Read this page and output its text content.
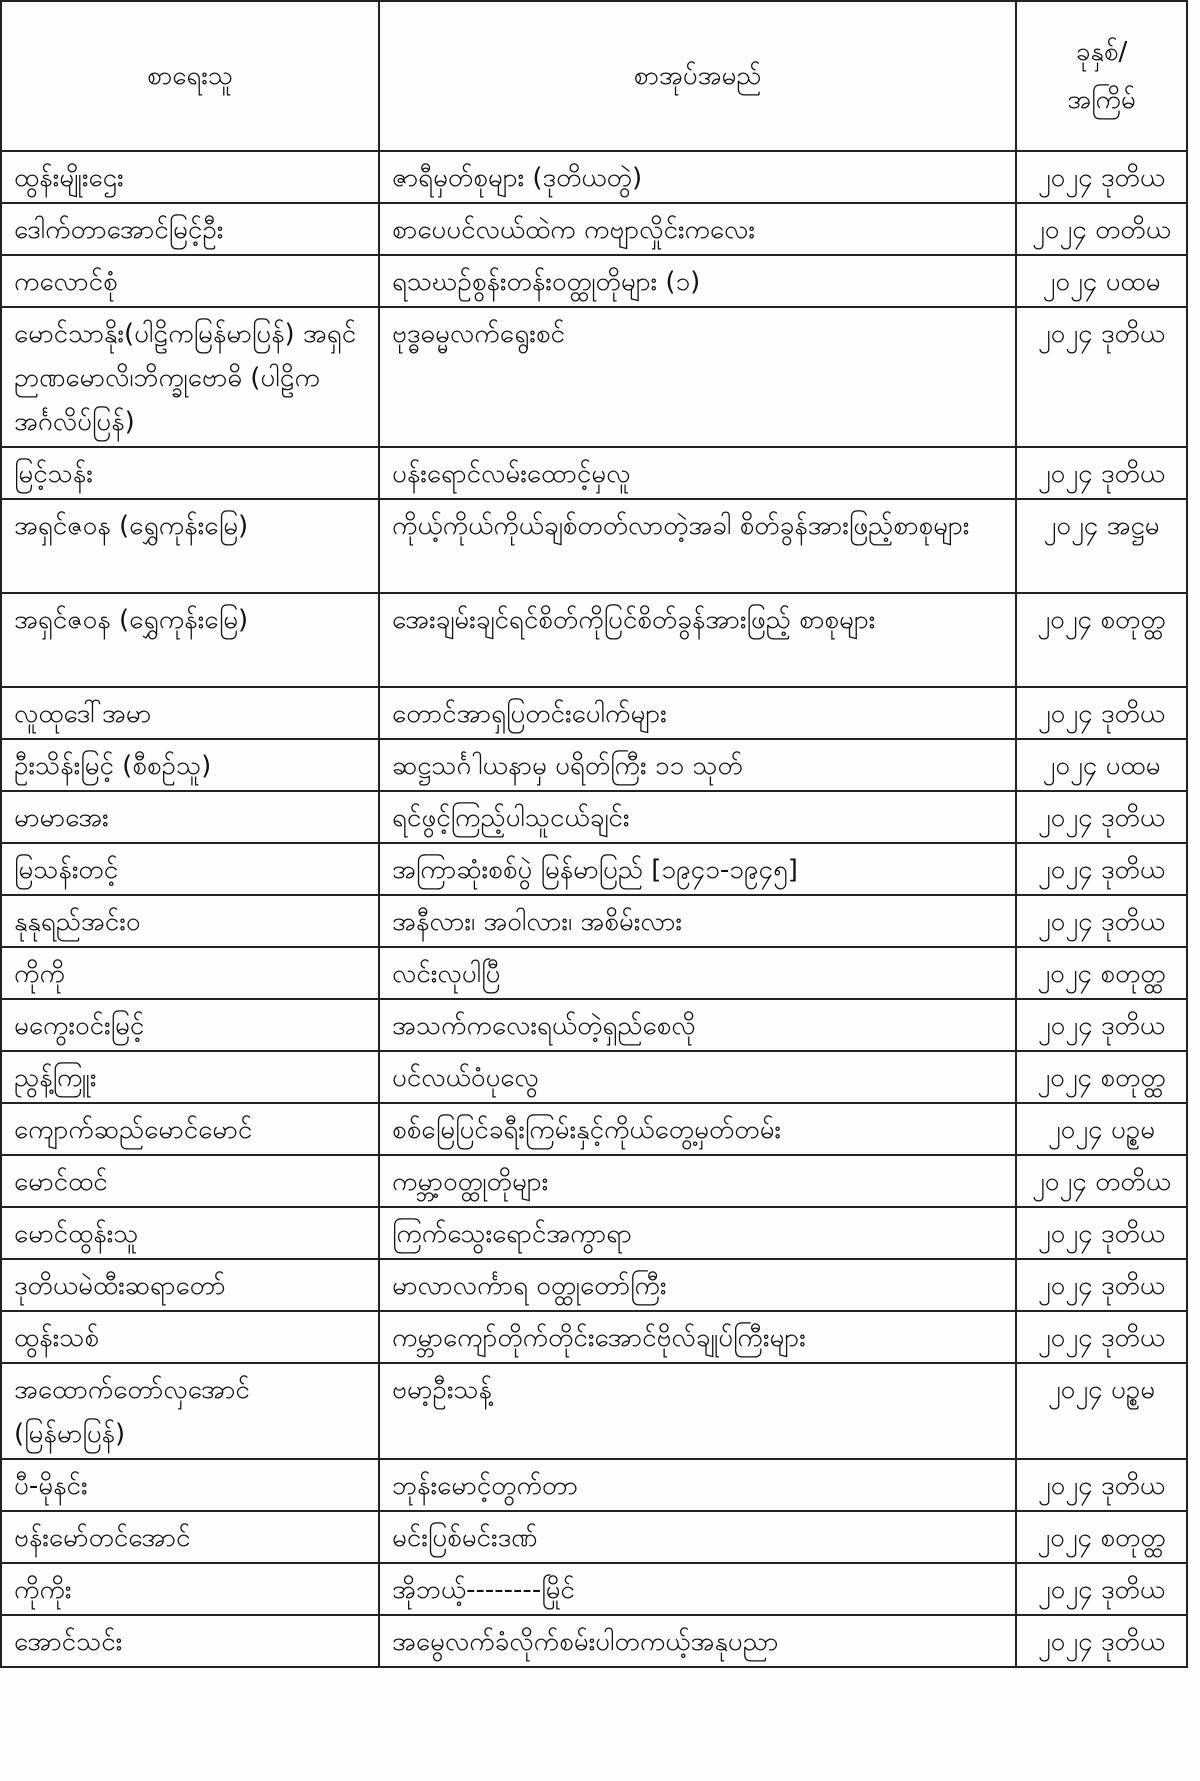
စာရေးသူ	စာအုပ်အမည်	ခုနှစ်/
အကြိမ်

ထွန်းမျိုးဌေး	ဇာရီမှတ်စုများ (ဒုတိယတွဲ)	၂၀၂၄ ဒုတိယ
ဒေါက်တာအောင်မြင့်ဦး	စာပေပင်လယ်ထဲက ကဗျာလှိုင်းကလေး	၂၀၂၄ တတိယ
ကလောင်စုံ	ရသဃဉ်စွန်းတန်းဝတ္ထုတိုများ (၁)	၂၀၂၄ ပထမ
မောင်သာနိုး(ပါဠိကမြန်မာပြန်) အရှင်ဉာဏမောလိ၊ဘိက္ခုဗောဓိ (ပါဠိကအင်္ဂလိပ်ပြန်)	ဗုဒ္ဓဓမ္မလက်ရွေးစင်	၂၀၂၄ ဒုတိယ
မြင့်သန်း	ပန်းရောင်လမ်းထောင့်မှလူ	၂၀၂၄ ဒုတိယ
အရှင်ဇဝန (ရွှေကုန်းမြေ)	ကိုယ့်ကိုယ်ကိုယ်ချစ်တတ်လာတဲ့အခါ စိတ်ခွန်အားဖြည့်စာစုများ	၂၀၂၄ အဋ္ဌမ
အရှင်ဇဝန (ရွှေကုန်းမြေ)	အေးချမ်းချင်ရင်စိတ်ကိုပြင်စိတ်ခွန်အားဖြည့် စာစုများ	၂၀၂၄ စတုတ္ထ
လူထုဒေါ်အမာ	တောင်အာရှပြတင်းပေါက်များ	၂၀၂၄ ဒုတိယ
ဦးသိန်းမြင့် (စီစဉ်သူ)	ဆဋ္ဌသင်္ဂါယနာမှ ပရိတ်ကြီး ၁၁ သုတ်	၂၀၂၄ ပထမ
မာမာအေး	ရင်ဖွင့်ကြည့်ပါသူငယ်ချင်း	၂၀၂၄ ဒုတိယ
မြသန်းတင့်	အကြာဆုံးစစ်ပွဲ မြန်မာပြည် [၁၉၄၁-၁၉၄၅]	၂၀၂၄ ဒုတိယ
နုနုရည်အင်းဝ	အနီလား၊ အဝါလား၊ အစိမ်းလား	၂၀၂၄ ဒုတိယ
ကိုကို	လင်းလုပါပြီ	၂၀၂၄ စတုတ္ထ
မကွေးဝင်းမြင့်	အသက်ကလေးရယ်တဲ့ရှည်စေလို	၂၀၂၄ ဒုတိယ
ညွန့်ကြူး	ပင်လယ်ဝံပုလွေ	၂၀၂၄ စတုတ္ထ
ကျောက်ဆည်မောင်မောင်	စစ်မြေပြင်ခရီးကြမ်းနှင့်ကိုယ်တွေ့မှတ်တမ်း	၂၀၂၄ ပဥ္စမ
မောင်ထင်	ကမ္ဘာ့ဝတ္ထုတိုများ	၂၀၂၄ တတိယ
မောင်ထွန်းသူ	ကြက်သွေးရောင်အကွာရာ	၂၀၂၄ ဒုတိယ
ဒုတိယမဲထီးဆရာတော်	မာလာလင်္ကာရ ဝတ္ထုတော်ကြီး	၂၀၂၄ ဒုတိယ
ထွန်းသစ်	ကမ္ဘာကျော်တိုက်တိုင်းအောင်ဗိုလ်ချုပ်ကြီးများ	၂၀၂၄ ဒုတိယ
အထောက်တော်လှအောင် (မြန်မာပြန်)	ဗမာ့ဦးသန့်	၂၀၂၄ ပဥ္စမ
ပီ-မိုနင်း	ဘုန်းမောင့်တွက်တာ	၂၀၂၄ ဒုတိယ
ဗန်းမော်တင်အောင်	မင်းပြစ်မင်းဒဏ်	၂၀၂၄ စတုတ္ထ
ကိုကိုး	အိုဘယ့်--------မြိုင်	၂၀၂၄ ဒုတိယ
အောင်သင်း	အမွေလက်ခံလိုက်စမ်းပါတကယ့်အနုပညာ	၂၀၂၄ ဒုတိယ
